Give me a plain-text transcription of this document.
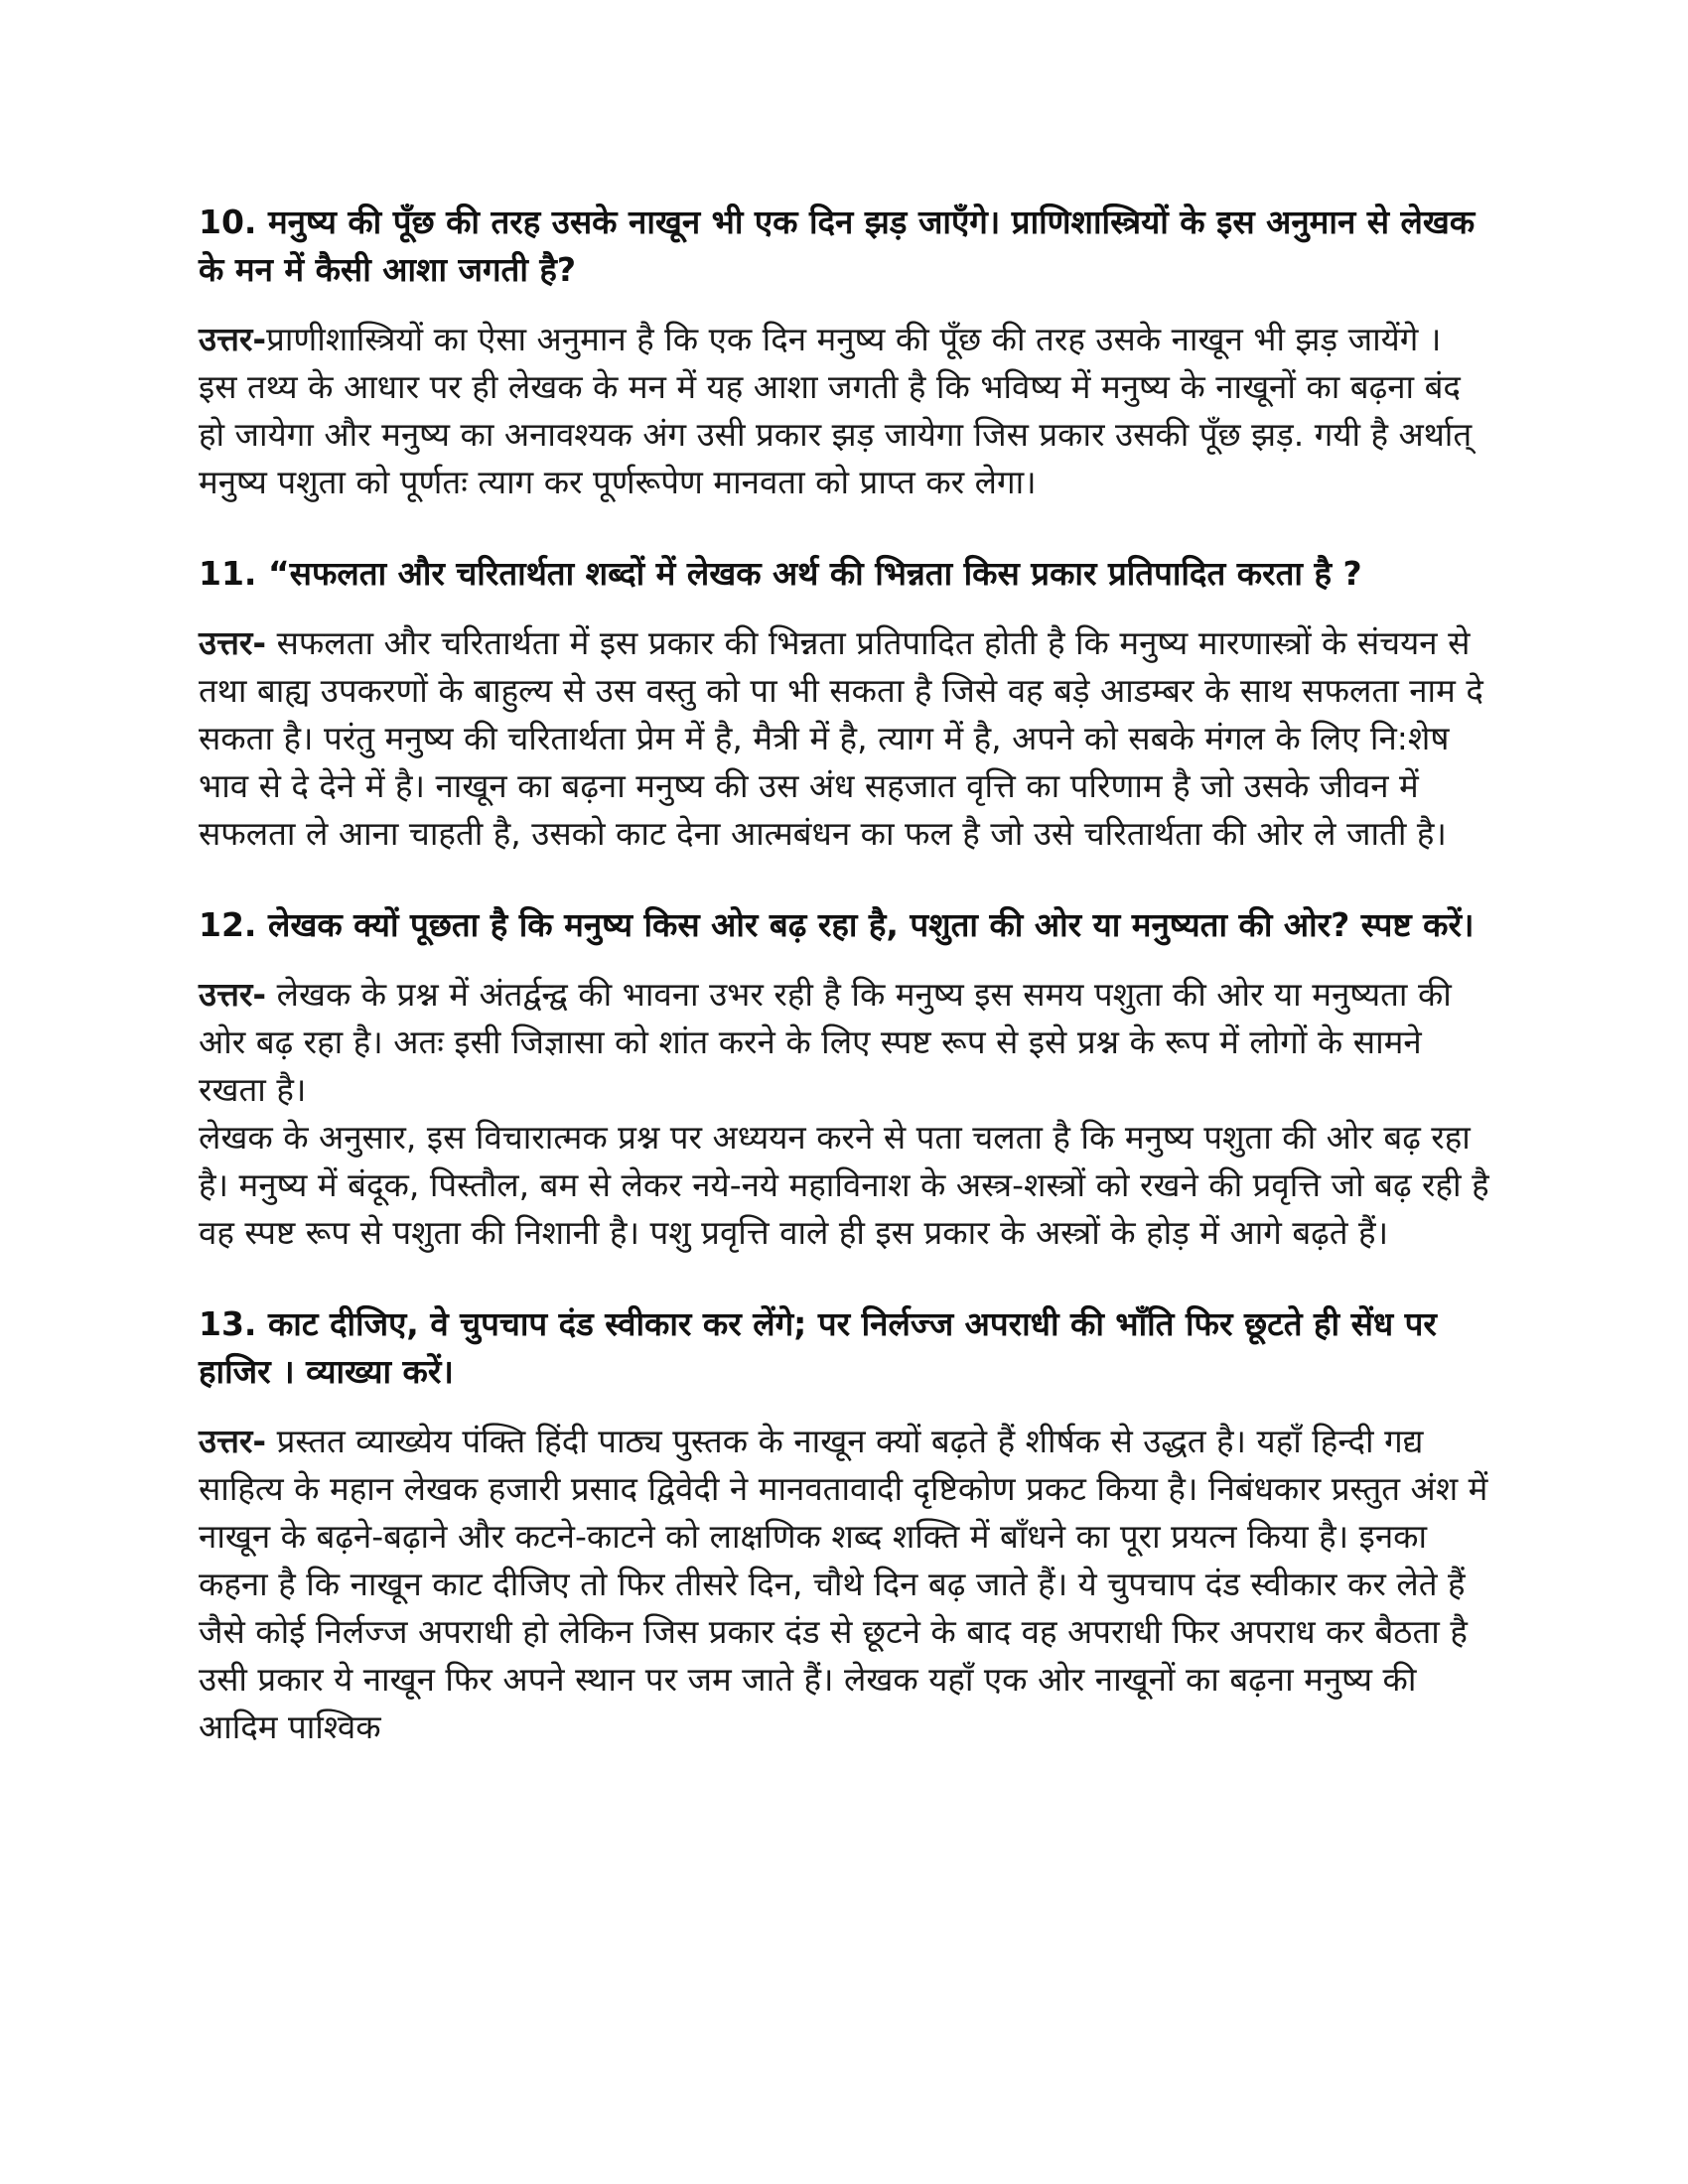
10. मनुष्य की पूँछ की तरह उसके नाखून भी एक दिन झड़ जाएँगे। प्राणिशास्त्रियों के इस अनुमान से लेखक के मन में कैसी आशा जगती है?

उत्तर-प्राणीशास्त्रियों का ऐसा अनुमान है कि एक दिन मनुष्य की पूँछ की तरह उसके नाखून भी झड़ जायेंगे । इस तथ्य के आधार पर ही लेखक के मन में यह आशा जगती है कि भविष्य में मनुष्य के नाखूनों का बढ़ना बंद हो जायेगा और मनुष्य का अनावश्यक अंग उसी प्रकार झड़ जायेगा जिस प्रकार उसकी पूँछ झड़. गयी है अर्थात् मनुष्य पशुता को पूर्णतः त्याग कर पूर्णरूपेण मानवता को प्राप्त कर लेगा।

11. “सफलता और चरितार्थता शब्दों में लेखक अर्थ की भिन्नता किस प्रकार प्रतिपादित करता है ?

उत्तर- सफलता और चरितार्थता में इस प्रकार की भिन्नता प्रतिपादित होती है कि मनुष्य मारणास्त्रों के संचयन से तथा बाह्य उपकरणों के बाहुल्य से उस वस्तु को पा भी सकता है जिसे वह बड़े आडम्बर के साथ सफलता नाम दे सकता है। परंतु मनुष्य की चरितार्थता प्रेम में है, मैत्री में है, त्याग में है, अपने को सबके मंगल के लिए नि:शेष भाव से दे देने में है। नाखून का बढ़ना मनुष्य की उस अंध सहजात वृत्ति का परिणाम है जो उसके जीवन में सफलता ले आना चाहती है, उसको काट देना आत्मबंधन का फल है जो उसे चरितार्थता की ओर ले जाती है।

12. लेखक क्यों पूछता है कि मनुष्य किस ओर बढ़ रहा है, पशुता की ओर या मनुष्यता की ओर? स्पष्ट करें।

उत्तर- लेखक के प्रश्न में अंतर्द्वन्द्व की भावना उभर रही है कि मनुष्य इस समय पशुता की ओर या मनुष्यता की ओर बढ़ रहा है। अतः इसी जिज्ञासा को शांत करने के लिए स्पष्ट रूप से इसे प्रश्न के रूप में लोगों के सामने रखता है।

लेखक के अनुसार, इस विचारात्मक प्रश्न पर अध्ययन करने से पता चलता है कि मनुष्य पशुता की ओर बढ़ रहा है। मनुष्य में बंदूक, पिस्तौल, बम से लेकर नये-नये महाविनाश के अस्त्र-शस्त्रों को रखने की प्रवृत्ति जो बढ़ रही है वह स्पष्ट रूप से पशुता की निशानी है। पशु प्रवृत्ति वाले ही इस प्रकार के अस्त्रों के होड़ में आगे बढ़ते हैं।

13. काट दीजिए, वे चुपचाप दंड स्वीकार कर लेंगे; पर निर्लज्ज अपराधी की भाँति फिर छूटते ही सेंध पर हाजिर । व्याख्या करें।

उत्तर- प्रस्तत व्याख्येय पंक्ति हिंदी पाठ्य पुस्तक के नाखून क्यों बढ़ते हैं शीर्षक से उद्धत है। यहाँ हिन्दी गद्य साहित्य के महान लेखक हजारी प्रसाद द्विवेदी ने मानवतावादी दृष्टिकोण प्रकट किया है। निबंधकार प्रस्तुत अंश में नाखून के बढ़ने-बढ़ाने और कटने-काटने को लाक्षणिक शब्द शक्ति में बाँधने का पूरा प्रयत्न किया है। इनका कहना है कि नाखून काट दीजिए तो फिर तीसरे दिन, चौथे दिन बढ़ जाते हैं। ये चुपचाप दंड स्वीकार कर लेते हैं जैसे कोई निर्लज्ज अपराधी हो लेकिन जिस प्रकार दंड से छूटने के बाद वह अपराधी फिर अपराध कर बैठता है उसी प्रकार ये नाखून फिर अपने स्थान पर जम जाते हैं। लेखक यहाँ एक ओर नाखूनों का बढ़ना मनुष्य की आदिम पाश्विक
